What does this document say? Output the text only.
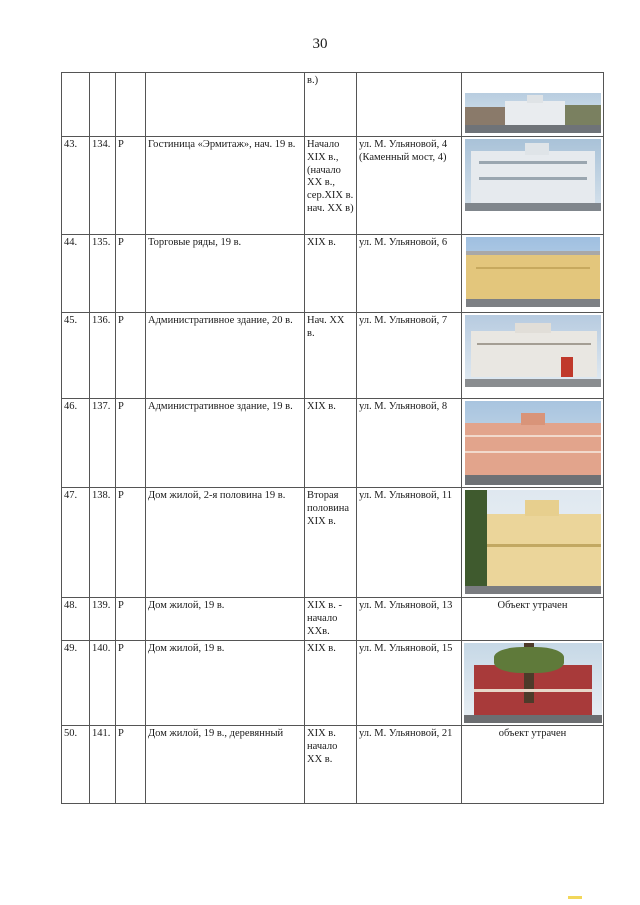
30
				в.)		

43.	134.	Р	Гостиница «Эрмитаж», нач. 19 в.	Начало XIX в., (начало XX в., сер.XIX в. нач. XX в)	ул. М. Ульяновой, 4 (Каменный мост, 4)	

44.	135.	Р	Торговые ряды, 19 в.	XIX в.	ул. М. Ульяновой, 6	

45.	136.	Р	Административное здание, 20 в.	Нач. XX в.	ул. М. Ульяновой, 7	

46.	137.	Р	Административное здание, 19 в.	XIX в.	ул. М. Ульяновой, 8	

47.	138.	Р	Дом жилой, 2-я половина 19 в.	Вторая половина XIX в.	ул. М. Ульяновой, 11	

48.	139.	Р	Дом жилой, 19 в.	XIX в. - начало XXв.	ул. М. Ульяновой, 13	Объект утрачен
49.	140.	Р	Дом жилой, 19 в.	XIX в.	ул. М. Ульяновой, 15	

50.	141.	Р	Дом жилой, 19 в., деревянный	XIX в. начало XX в.	ул. М. Ульяновой, 21	объект утрачен
